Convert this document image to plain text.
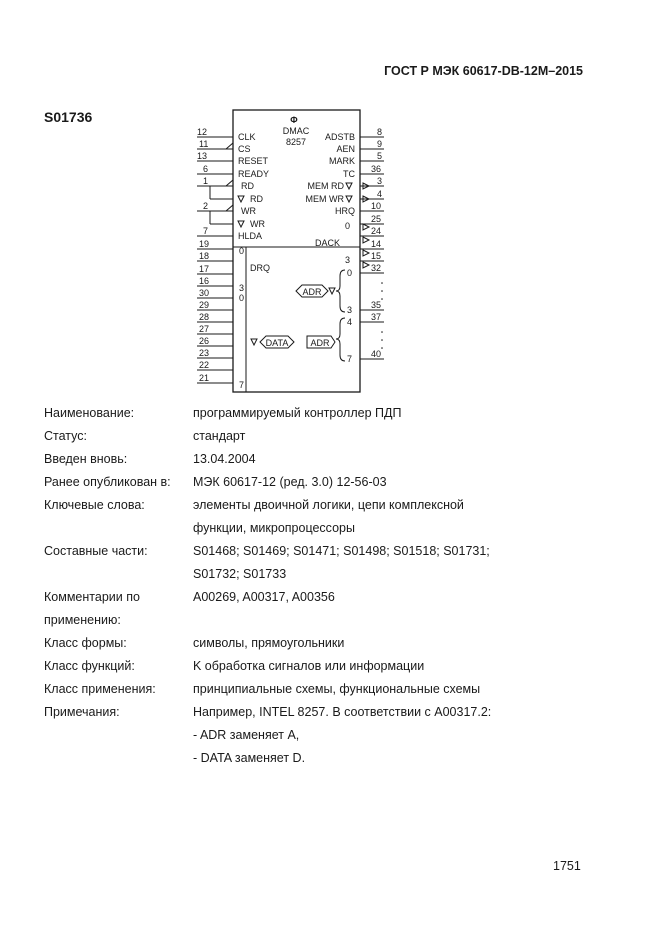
ГОСТ Р МЭК 60617-DB-12M–2015
S01736	Φ
DMAC
8257
12
11
13
6
1
2
7
19
18
17
16
30
29
28
27
26
23
22
21
CLK
CS
RESET
READY
RD
RD
WR
WR
HLDA
DRQ
0
3
0
7
8
9
5
36
3
4
10
25
24
14
15
32
35
37
40
ADSTB
AEN
MARK
TC
MEM RD
MEM WR
HRQ
DACK
0
3
0
3
4
7
ADR
DATA ADR
Наименование:	программируемый контроллер ПДП
Статус:	стандарт
Введен вновь:	13.04.2004
Ранее опубликован в:	МЭК 60617-12 (ред. 3.0) 12-56-03
Ключевые слова:	элементы двоичной логики, цепи комплексной
функции, микропроцессоры
Составные части:	S01468; S01469; S01471; S01498; S01518; S01731;
S01732; S01733
Комментарии по
применению:
A00269, A00317, A00356
Класс формы:	символы, прямоугольники
Класс функций:	K обработка сигналов или информации
Класс применения:	принципиальные схемы, функциональные схемы
Примечания:	Например, INTEL 8257. В соответствии с A00317.2:
- ADR заменяет A,
- DATA заменяет D.
1751
